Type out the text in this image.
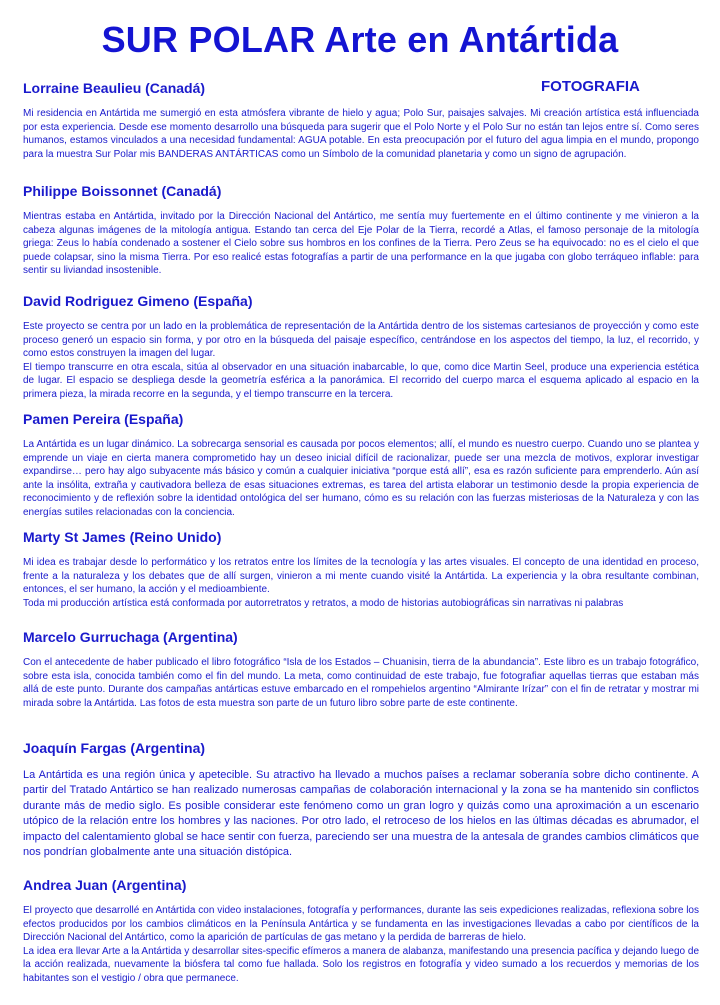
SUR POLAR Arte en Antártida
FOTOGRAFIA

Lorraine Beaulieu (Canadá)

Mi residencia en Antártida me sumergió en esta atmósfera vibrante de hielo y agua; Polo Sur, paisajes salvajes. Mi creación artística está influenciada por esta experiencia. Desde ese momento desarrollo una búsqueda para sugerir que el Polo Norte y el Polo Sur no están tan lejos entre sí. Como seres humanos, estamos vinculados a una necesidad fundamental: AGUA potable. En esta preocupación por el futuro del agua limpia en el mundo, propongo para la muestra Sur Polar mis BANDERAS ANTÁRTICAS como un Símbolo de la comunidad planetaria y como un signo de agrupación.

Philippe Boissonnet (Canadá)

Mientras estaba en Antártida, invitado por la Dirección Nacional del Antártico, me sentía muy fuertemente en el último continente y me vinieron a la cabeza algunas imágenes de la mitología antigua. Estando tan cerca del Eje Polar de la Tierra, recordé a Atlas, el famoso personaje de la mitología griega: Zeus lo había condenado a sostener el Cielo sobre sus hombros en los confines de la Tierra. Pero Zeus se ha equivocado: no es el cielo el que puede colapsar, sino la misma Tierra. Por eso realicé estas fotografías a partir de una performance en la que jugaba con globo terráqueo inflable: para sentir su liviandad insostenible.

David Rodriguez Gimeno (España)

Este proyecto se centra por un lado en la problemática de representación de la Antártida dentro de los sistemas cartesianos de proyección y como este proceso generó un espacio sin forma, y por otro en la búsqueda del paisaje específico, centrándose en los aspectos del tiempo, la luz, el recorrido, y como estos construyen la imagen del lugar.

El tiempo transcurre en otra escala, sitúa al observador en una situación inabarcable, lo que, como dice Martin Seel, produce una experiencia estética de lugar. El espacio se despliega desde la geometría esférica a la panorámica. El recorrido del cuerpo marca el esquema aplicado al espacio en la primera pieza, la mirada recorre en la segunda, y el tiempo transcurre en la tercera.

Pamen Pereira (España)

La Antártida es un lugar dinámico. La sobrecarga sensorial es causada por pocos elementos; allí, el mundo es nuestro cuerpo. Cuando uno se plantea y emprende un viaje en cierta manera comprometido hay un deseo inicial difícil de racionalizar, puede ser una mezcla de motivos, explorar investigar expandirse… pero hay algo subyacente más básico y común a cualquier iniciativa “porque está allí”, esa es razón suficiente para emprenderlo. Aún así ante la insólita, extraña y cautivadora belleza de esas situaciones extremas, es tarea del artista elaborar un testimonio desde la propia experiencia de reconocimiento y de reflexión sobre la identidad ontológica del ser humano, cómo es su relación con las fuerzas misteriosas de la Naturaleza y con las energías sutiles relacionadas con la conciencia.

Marty St James (Reino Unido)

Mi idea es trabajar desde lo performático y los retratos entre los límites de la tecnología y las artes visuales. El concepto de una identidad en proceso, frente a la naturaleza y los debates que de allí surgen, vinieron a mi mente cuando visité la Antártida. La experiencia y la obra resultante combinan, entonces, el ser humano, la acción y el medioambiente.

Toda mi producción artística está conformada por autorretratos y retratos, a modo de historias autobiográficas sin narrativas ni palabras

Marcelo Gurruchaga (Argentina)

Con el antecedente de haber publicado el libro fotográfico “Isla de los Estados – Chuanisin, tierra de la abundancia”. Este libro es un trabajo fotográfico, sobre esta isla, conocida también como el fin del mundo. La meta, como continuidad de este trabajo, fue fotografiar aquellas tierras que estaban más allá de este punto. Durante dos campañas antárticas estuve embarcado en el rompehielos argentino “Almirante Irízar” con el fin de retratar y mostrar mi mirada sobre la Antártida. Las fotos de esta muestra son parte de un futuro libro sobre parte de este continente.

Joaquín Fargas (Argentina)

La Antártida es una región única y apetecible. Su atractivo ha llevado a muchos países a reclamar soberanía sobre dicho continente. A partir del Tratado Antártico se han realizado numerosas campañas de colaboración internacional y la zona se ha mantenido sin conflictos durante más de medio siglo. Es posible considerar este fenómeno como un gran logro y quizás como una aproximación a un escenario utópico de la relación entre los hombres y las naciones. Por otro lado, el retroceso de los hielos en las últimas décadas es abrumador, el impacto del calentamiento global se hace sentir con fuerza, pareciendo ser una muestra de la antesala de grandes cambios climáticos que nos pondrían globalmente ante una situación distópica.

Andrea Juan (Argentina)

El proyecto que desarrollé en Antártida con video instalaciones, fotografía y performances, durante las seis expediciones realizadas, reflexiona sobre los efectos producidos por los cambios climáticos en la Península Antártica y se fundamenta en las investigaciones llevadas a cabo por científicos de la Dirección Nacional del Antártico, como la aparición de partículas de gas metano y la perdida de barreras de hielo.

La idea era llevar Arte a la Antártida y desarrollar sites-specific efímeros a manera de alabanza, manifestando una presencia pacífica y dejando luego de la acción realizada, nuevamente la biósfera tal como fue hallada. Solo los registros en fotografía y video sumado a los recuerdos y memorias de los habitantes son el vestigio / obra que permanece.
